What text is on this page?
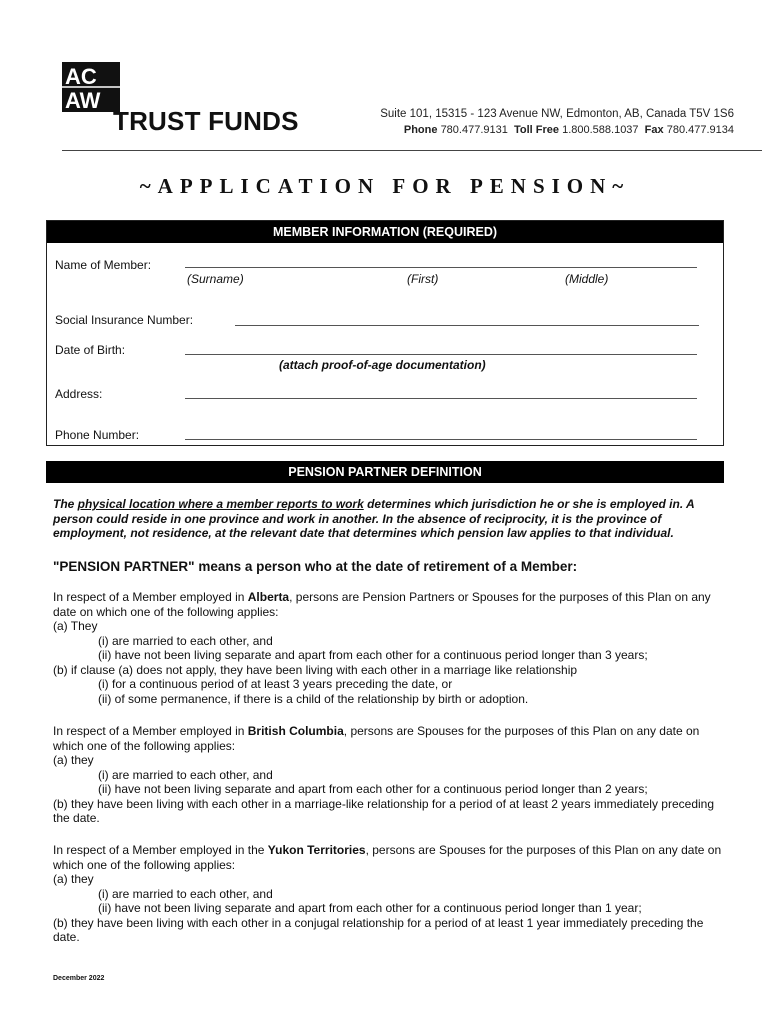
AC
AW
TRUST FUNDS	Suite 101, 15315 - 123 Avenue NW, Edmonton, AB, Canada T5V 1S6
Phone 780.477.9131 Toll Free 1.800.588.1037 Fax 780.477.9134
~APPLICATION FOR PENSION~
MEMBER INFORMATION (REQUIRED)
Name of Member:
(Surname)	(First)	(Middle)
Social Insurance Number:
Date of Birth:
(attach proof-of-age documentation)
Address:
Phone Number:
PENSION PARTNER DEFINITION
The physical location where a member reports to work determines which jurisdiction he or she is employed in. A person could reside in one province and work in another. In the absence of reciprocity, it is the province of employment, not residence, at the relevant date that determines which pension law applies to that individual.
"PENSION PARTNER" means a person who at the date of retirement of a Member:

In respect of a Member employed in Alberta, persons are Pension Partners or Spouses for the purposes of this Plan on any date on which one of the following applies:

(a) They

(i) are married to each other, and

(ii) have not been living separate and apart from each other for a continuous period longer than 3 years;

(b) if clause (a) does not apply, they have been living with each other in a marriage like relationship

(i) for a continuous period of at least 3 years preceding the date, or

(ii) of some permanence, if there is a child of the relationship by birth or adoption.

In respect of a Member employed in British Columbia, persons are Spouses for the purposes of this Plan on any date on which one of the following applies:

(a) they

(i) are married to each other, and

(ii) have not been living separate and apart from each other for a continuous period longer than 2 years;

(b) they have been living with each other in a marriage-like relationship for a period of at least 2 years immediately preceding the date.

In respect of a Member employed in the Yukon Territories, persons are Spouses for the purposes of this Plan on any date on which one of the following applies:

(a) they

(i) are married to each other, and

(ii) have not been living separate and apart from each other for a continuous period longer than 1 year;

(b) they have been living with each other in a conjugal relationship for a period of at least 1 year immediately preceding the date.

December 2022
